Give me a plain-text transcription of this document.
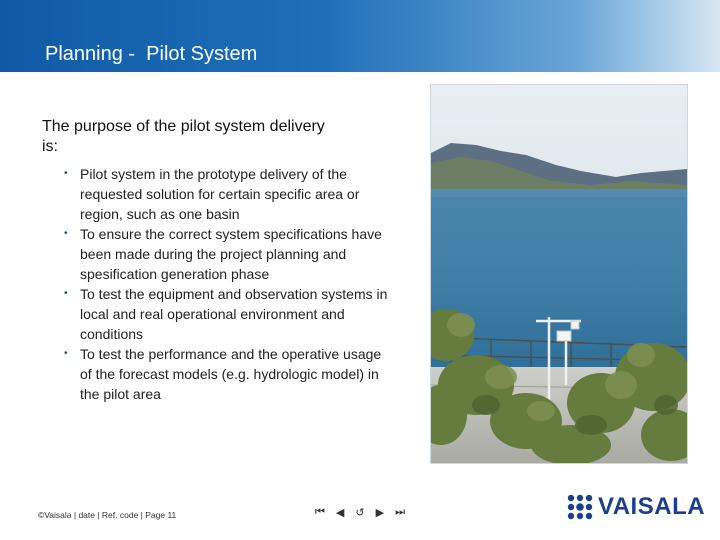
Planning -  Pilot System
The purpose of the pilot system delivery is:
• Pilot system in the prototype delivery of the requested solution for certain specific area or region, such as one basin
• To ensure the correct system specifications have been made during the project planning and spesification generation phase
• To test the equipment and observation systems in local and real operational environment and conditions
• To test the performance and the operative usage of the forecast models (e.g. hydrologic model) in the pilot area
©Vaisala | date | Ref. code | Page 11	⏮ ◀ ↺ ▶ ⏭	VAISALA
